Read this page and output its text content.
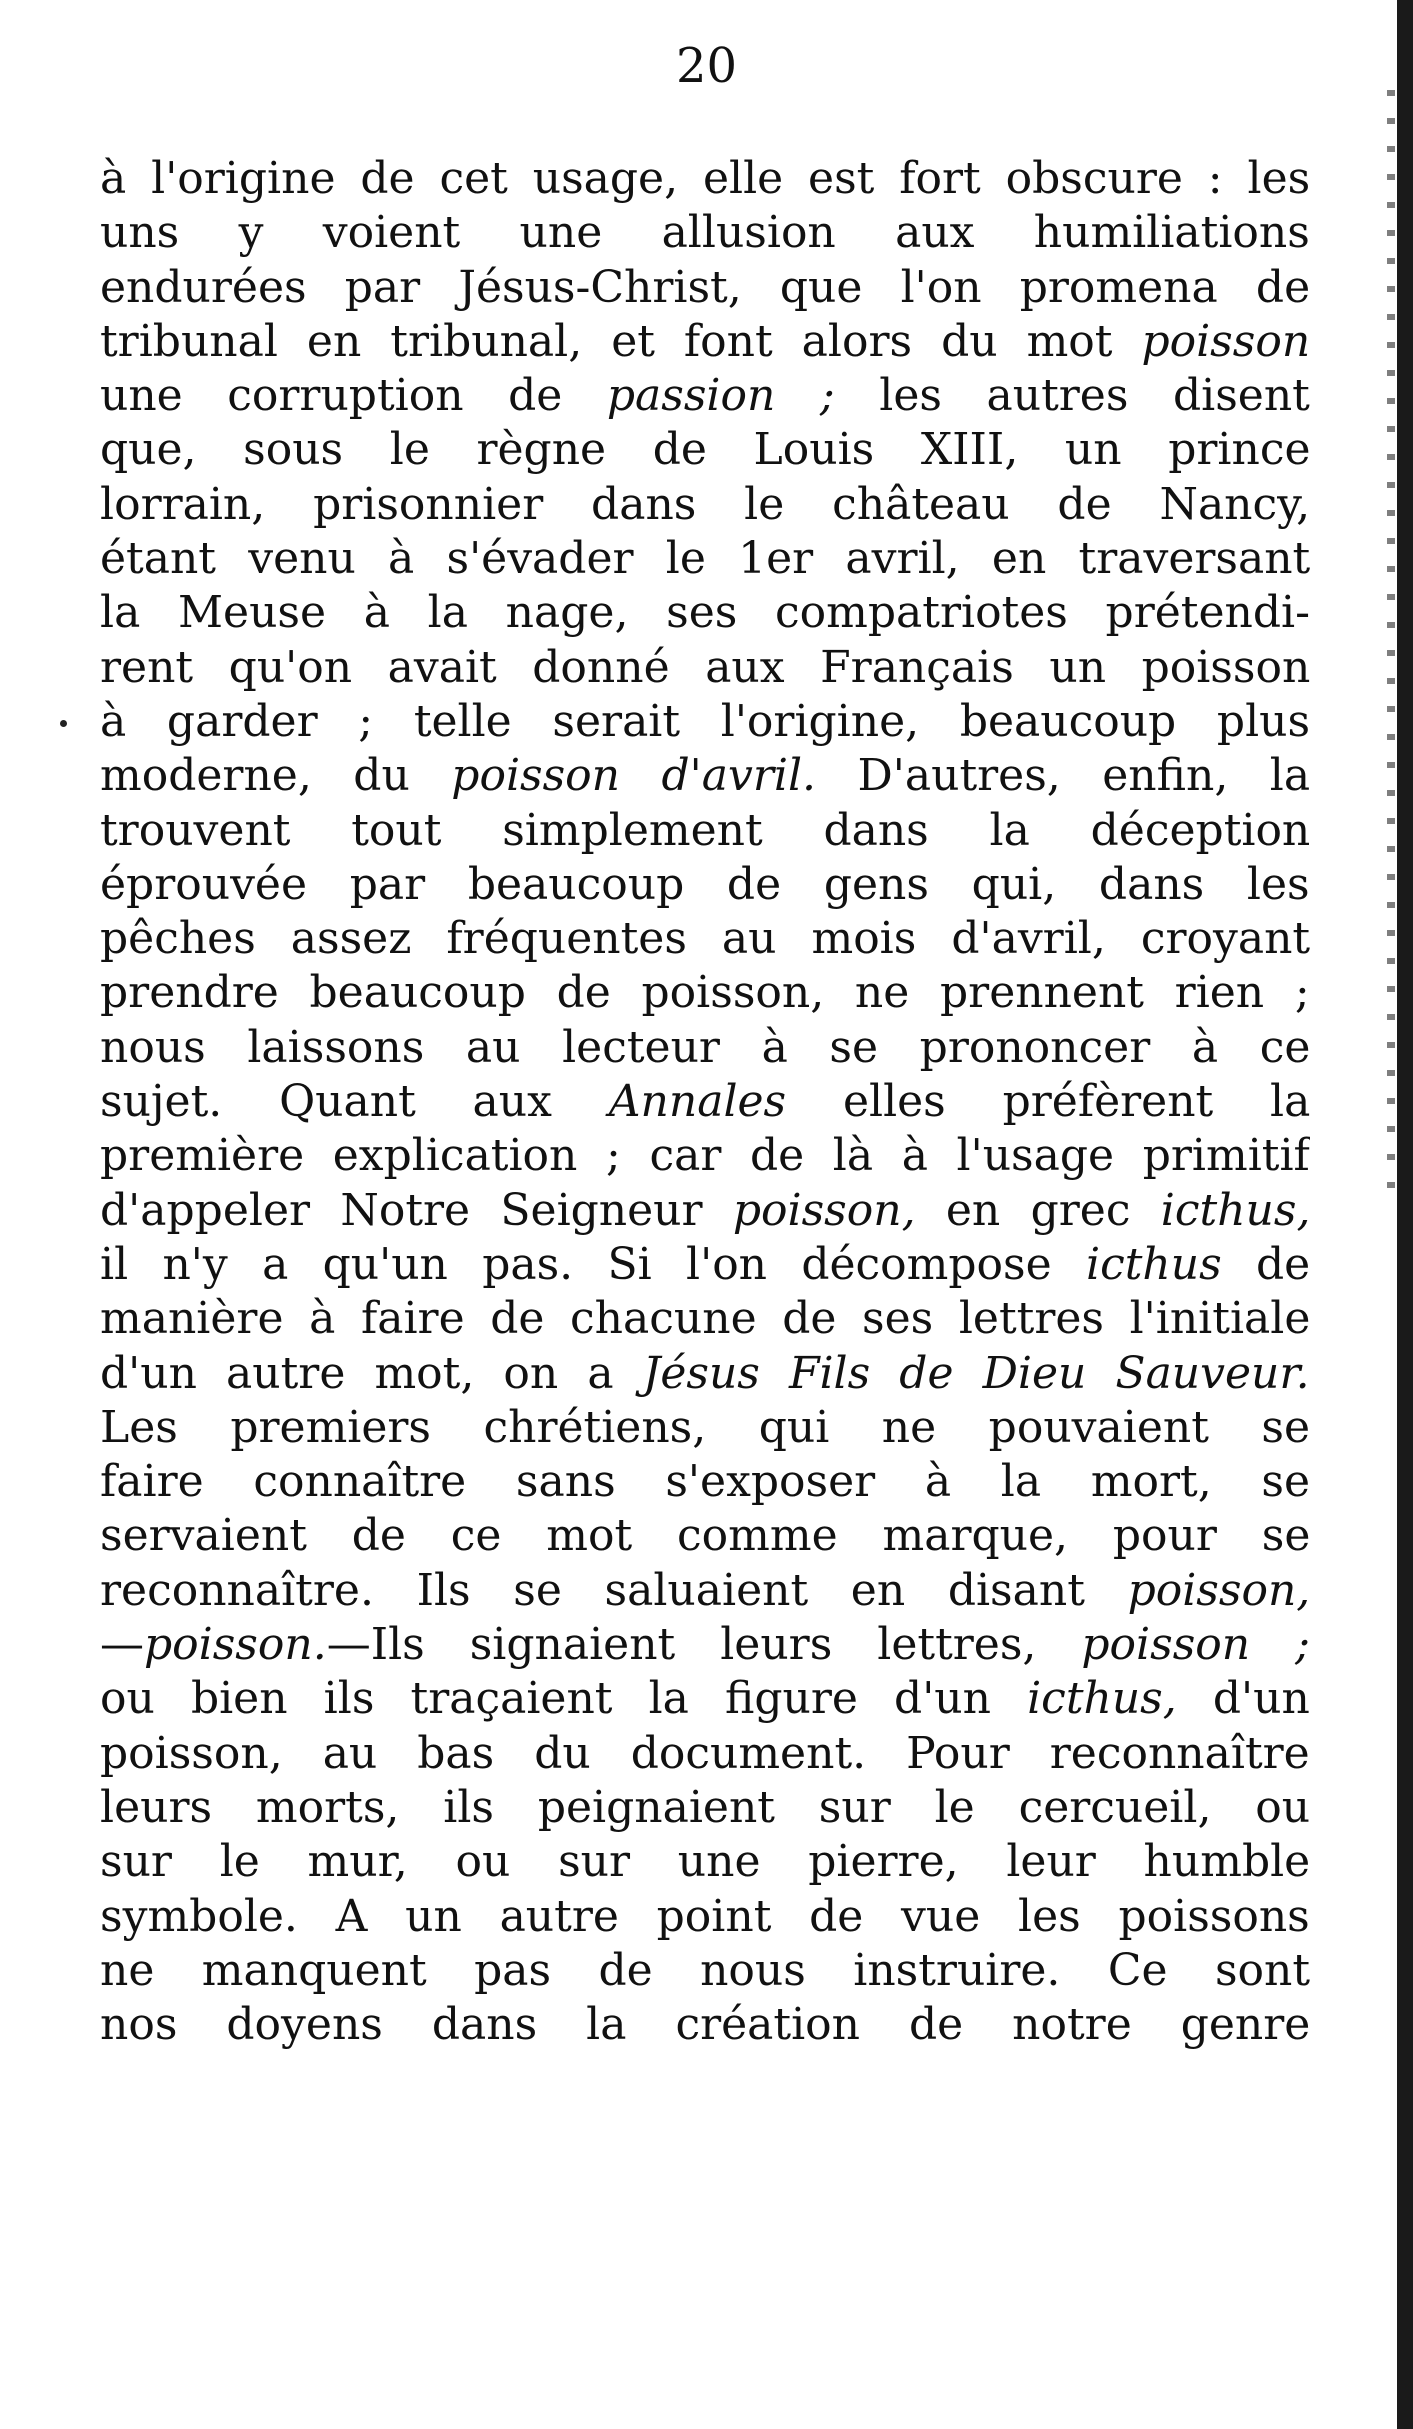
20
à l'origine de cet usage, elle est fort obscure : les
uns y voient une allusion aux humiliations
endurées par Jésus-Christ, que l'on promena de
tribunal en tribunal, et font alors du mot poisson
une corruption de passion ; les autres disent
que, sous le règne de Louis XIII, un prince
lorrain, prisonnier dans le château de Nancy,
étant venu à s'évader le 1er avril, en traversant
la Meuse à la nage, ses compatriotes prétendi-
rent qu'on avait donné aux Français un poisson
à garder ; telle serait l'origine, beaucoup plus
moderne, du poisson d'avril. D'autres, enfin, la
trouvent tout simplement dans la déception
éprouvée par beaucoup de gens qui, dans les
pêches assez fréquentes au mois d'avril, croyant
prendre beaucoup de poisson, ne prennent rien ;
nous laissons au lecteur à se prononcer à ce
sujet. Quant aux Annales elles préfèrent la
première explication ; car de là à l'usage primitif
d'appeler Notre Seigneur poisson, en grec icthus,
il n'y a qu'un pas. Si l'on décompose icthus de
manière à faire de chacune de ses lettres l'initiale
d'un autre mot, on a Jésus Fils de Dieu Sauveur.
Les premiers chrétiens, qui ne pouvaient se
faire connaître sans s'exposer à la mort, se
servaient de ce mot comme marque, pour se
reconnaître. Ils se saluaient en disant poisson,
—poisson.—Ils signaient leurs lettres, poisson ;
ou bien ils traçaient la figure d'un icthus, d'un
poisson, au bas du document. Pour reconnaître
leurs morts, ils peignaient sur le cercueil, ou
sur le mur, ou sur une pierre, leur humble
symbole. A un autre point de vue les poissons
ne manquent pas de nous instruire. Ce sont
nos doyens dans la création de notre genre
